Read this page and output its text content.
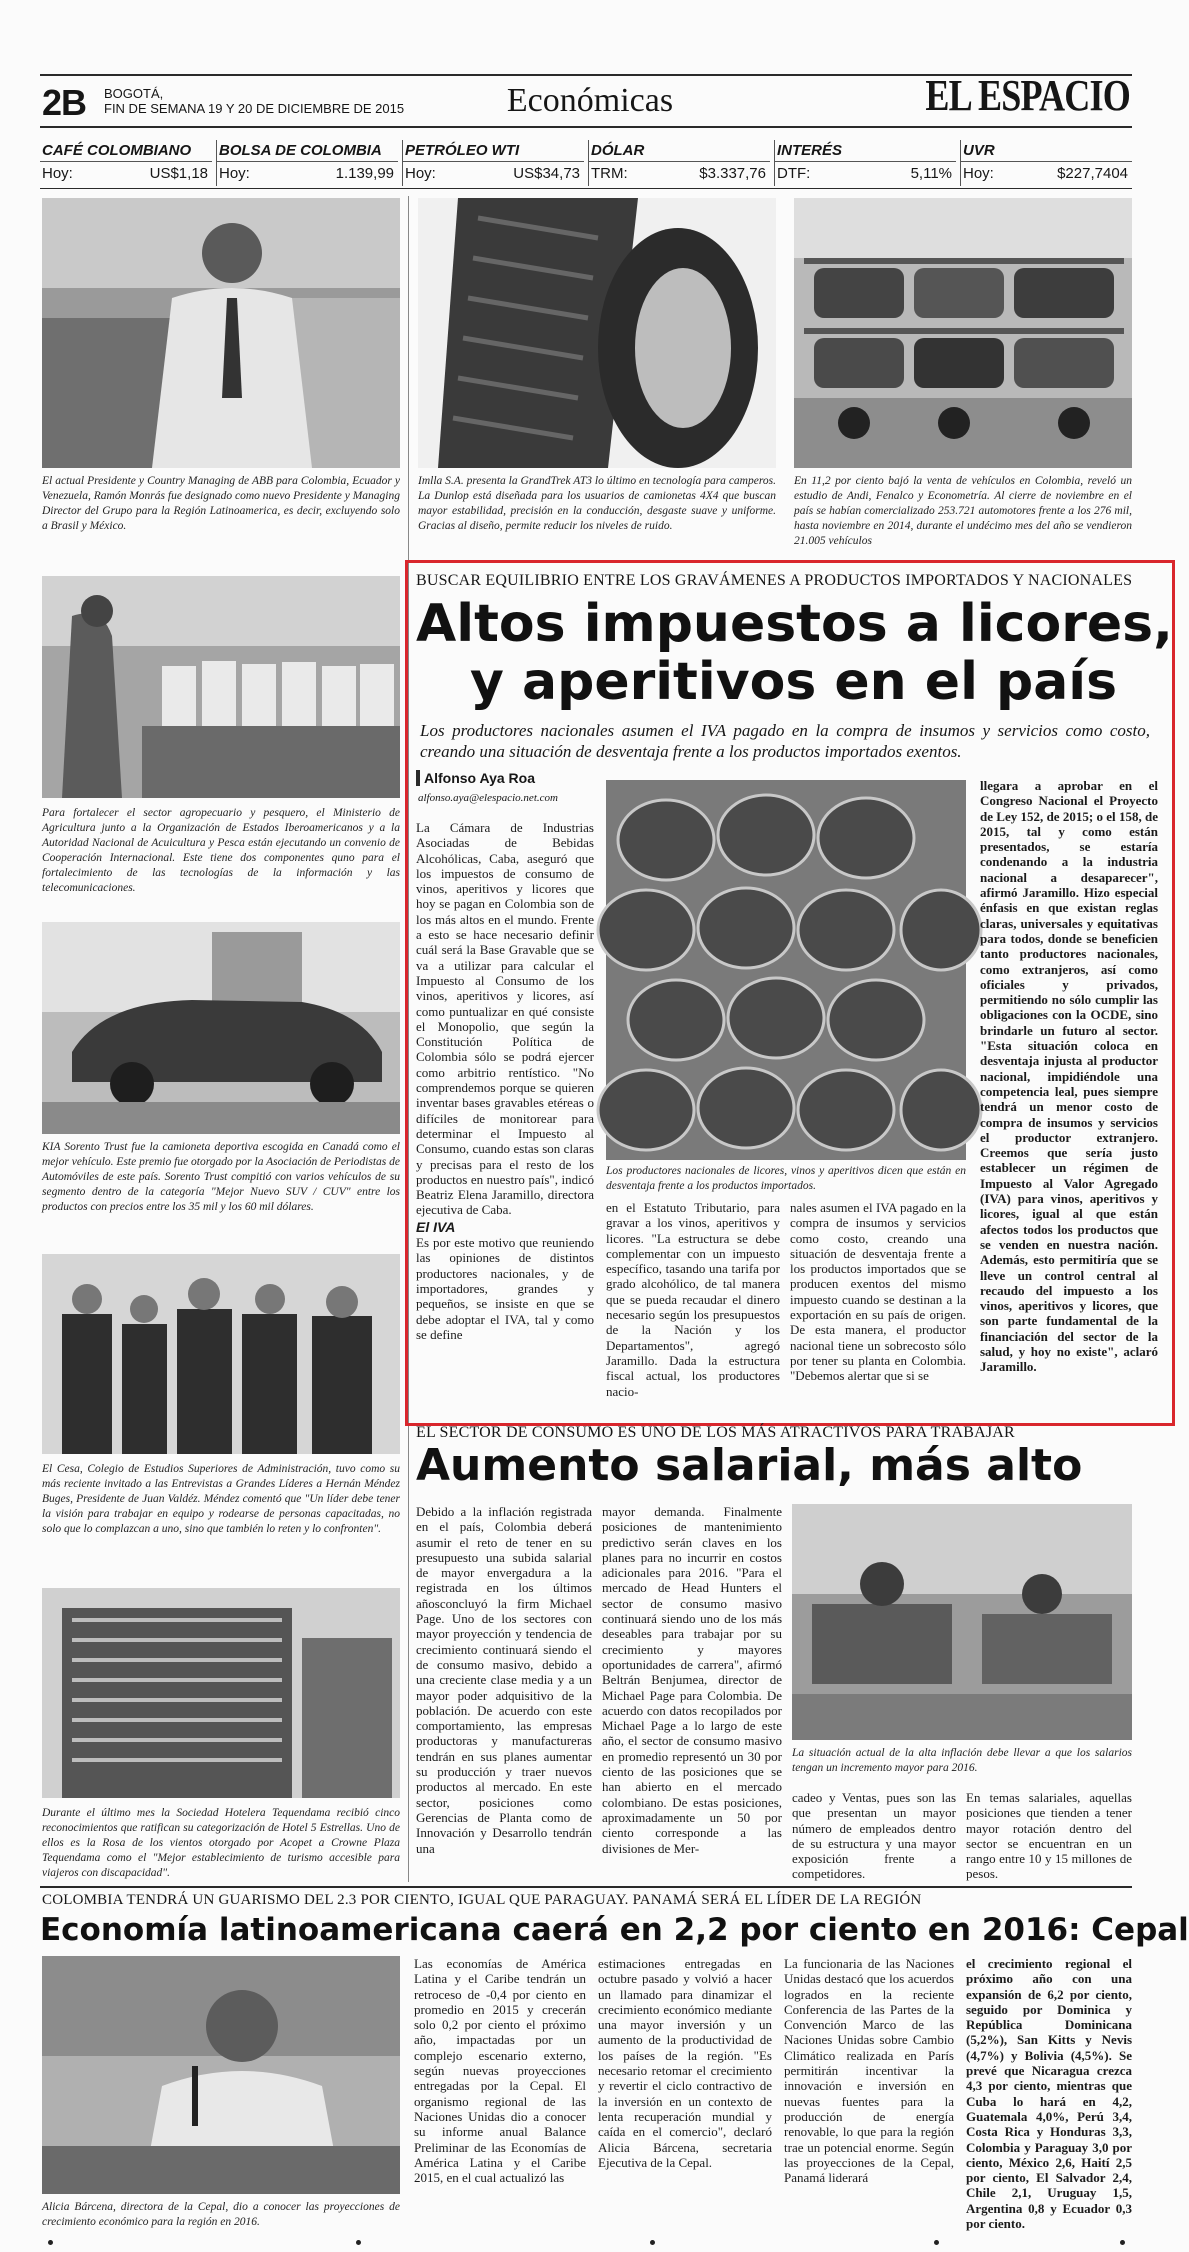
2B BOGOTÁ,
FIN DE SEMANA 19 Y 20 DE DICIEMBRE DE 2015	Económicas	EL ESPACIO
CAFÉ COLOMBIANO
Hoy:	US$1,18
BOLSA DE COLOMBIA
Hoy:	1.139,99
PETRÓLEO WTI
Hoy:	US$34,73
DÓLAR
TRM:	$3.337,76
INTERÉS
DTF:	5,11%
UVR
Hoy:	$227,7404
El actual Presidente y Country Managing de ABB para Colombia, Ecuador y Venezuela, Ramón Monrás fue designado como nuevo Presidente y Managing Director del Grupo para la Región Latinoamerica, es decir, excluyendo solo a Brasil y México.
Imlla S.A. presenta la GrandTrek AT3 lo último en tecnología para camperos. La Dunlop está diseñada para los usuarios de camionetas 4X4 que buscan mayor estabilidad, precisión en la conducción, desgaste suave y uniforme. Gracias al diseño, permite reducir los niveles de ruido.
En 11,2 por ciento bajó la venta de vehículos en Colombia, reveló un estudio de Andi, Fenalco y Econometría. Al cierre de noviembre en el país se habían comercializado 253.721 automotores frente a los 276 mil, hasta noviembre en 2014, durante el undécimo mes del año se vendieron 21.005 vehículos
Para fortalecer el sector agropecuario y pesquero, el Ministerio de Agricultura junto a la Organización de Estados Iberoamericanos y a la Autoridad Nacional de Acuicultura y Pesca están ejecutando un convenio de Cooperación Internacional. Este tiene dos componentes quno para el fortalecimiento de las tecnologías de la información y las telecomunicaciones.
KIA Sorento Trust fue la camioneta deportiva escogida en Canadá como el mejor vehículo. Este premio fue otorgado por la Asociación de Periodistas de Automóviles de este país. Sorento Trust compitió con varios vehículos de su segmento dentro de la categoría "Mejor Nuevo SUV / CUV" entre los productos con precios entre los 35 mil y los 60 mil dólares.
El Cesa, Colegio de Estudios Superiores de Administración, tuvo como su más reciente invitado a las Entrevistas a Grandes Líderes a Hernán Méndez Buges, Presidente de Juan Valdéz. Méndez comentó que "Un líder debe tener la visión para trabajar en equipo y rodearse de personas capacitadas, no solo que lo complazcan a uno, sino que también lo reten y lo confronten".
Durante el último mes la Sociedad Hotelera Tequendama recibió cinco reconocimientos que ratifican su categorización de Hotel 5 Estrellas. Uno de ellos es la Rosa de los vientos otorgado por Acopet a Crowne Plaza Tequendama como el "Mejor establecimiento de turismo accesible para viajeros con discapacidad".
BUSCAR EQUILIBRIO ENTRE LOS GRAVÁMENES A PRODUCTOS IMPORTADOS Y NACIONALES
Altos impuestos a licores,
y aperitivos en el país
Los productores nacionales asumen el IVA pagado en la compra de insumos y servicios como costo, creando una situación de desventaja frente a los productos importados exentos.
Alfonso Aya Roa
alfonso.aya@elespacio.net.com
La Cámara de Industrias Asociadas de Bebidas Alcohólicas, Caba, aseguró que los impuestos de consumo de vinos, aperitivos y licores que hoy se pagan en Colombia son de los más altos en el mundo. Frente a esto se hace necesario definir cuál será la Base Gravable que se va a utilizar para calcular el Impuesto al Consumo de los vinos, aperitivos y licores, así como puntualizar en qué consiste el Monopolio, que según la Constitución Política de Colombia sólo se podrá ejercer como arbitrio rentístico. "No comprendemos porque se quieren inventar bases gravables etéreas o difíciles de monitorear para determinar el Impuesto al Consumo, cuando estas son claras y precisas para el resto de los productos en nuestro país", indicó Beatriz Elena Jaramillo, directora ejecutiva de Caba.
El IVA
Es por este motivo que reuniendo las opiniones de distintos productores nacionales, y de importadores, grandes y pequeños, se insiste en que se debe adoptar el IVA, tal y como se define
Los productores nacionales de licores, vinos y aperitivos dicen que están en desventaja frente a los productos importados.
en el Estatuto Tributario, para gravar a los vinos, aperitivos y licores. "La estructura se debe complementar con un impuesto específico, tasando una tarifa por grado alcohólico, de tal manera que se pueda recaudar el dinero necesario según los presupuestos de la Nación y los Departamentos", agregó Jaramillo. Dada la estructura fiscal actual, los productores nacio-
nales asumen el IVA pagado en la compra de insumos y servicios como costo, creando una situación de desventaja frente a los productos importados que se producen exentos del mismo impuesto cuando se destinan a la exportación en su país de origen. De esta manera, el productor nacional tiene un sobrecosto sólo por tener su planta en Colombia. "Debemos alertar que si se
llegara a aprobar en el Congreso Nacional el Proyecto de Ley 152, de 2015; o el 158, de 2015, tal y como están presentados, se estaría condenando a la industria nacional a desaparecer", afirmó Jaramillo. Hizo especial énfasis en que existan reglas claras, universales y equitativas para todos, donde se beneficien tanto productores nacionales, como extranjeros, así como oficiales y privados, permitiendo no sólo cumplir las obligaciones con la OCDE, sino brindarle un futuro al sector. "Esta situación coloca en desventaja injusta al productor nacional, impidiéndole una competencia leal, pues siempre tendrá un menor costo de compra de insumos y servicios el productor extranjero. Creemos que sería justo establecer un régimen de Impuesto al Valor Agregado (IVA) para vinos, aperitivos y licores, igual al que están afectos todos los productos que se venden en nuestra nación. Además, esto permitiría que se lleve un control central al recaudo del impuesto a los vinos, aperitivos y licores, que son parte fundamental de la financiación del sector de la salud, y hoy no existe", aclaró Jaramillo.
EL SECTOR DE CONSUMO ES UNO DE LOS MÁS ATRACTIVOS PARA TRABAJAR
Aumento salarial, más alto
Debido a la inflación registrada en el país, Colombia deberá asumir el reto de tener en su presupuesto una subida salarial de mayor envergadura a la registrada en los últimos añosconcluyó la firm Michael Page. Uno de los sectores con mayor proyección y tendencia de crecimiento continuará siendo el de consumo masivo, debido a una creciente clase media y a un mayor poder adquisitivo de la población. De acuerdo con este comportamiento, las empresas productoras y manufactureras tendrán en sus planes aumentar su producción y traer nuevos productos al mercado. En este sector, posiciones como Gerencias de Planta como de Innovación y Desarrollo tendrán una
mayor demanda. Finalmente posiciones de mantenimiento predictivo serán claves en los planes para no incurrir en costos adicionales para 2016. "Para el mercado de Head Hunters el sector de consumo masivo continuará siendo uno de los más deseables para trabajar por su crecimiento y mayores oportunidades de carrera", afirmó Beltrán Benjumea, director de Michael Page para Colombia. De acuerdo con datos recopilados por Michael Page a lo largo de este año, el sector de consumo masivo en promedio representó un 30 por ciento de las posiciones que se han abierto en el mercado colombiano. De estas posiciones, aproximadamente un 50 por ciento corresponde a las divisiones de Mer-
La situación actual de la alta inflación debe llevar a que los salarios tengan un incremento mayor para 2016.
cadeo y Ventas, pues son las que presentan un mayor número de empleados dentro de su estructura y una mayor exposición frente a competidores.
En temas salariales, aquellas posiciones que tienden a tener mayor rotación dentro del sector se encuentran en un rango entre 10 y 15 millones de pesos.
COLOMBIA TENDRÁ UN GUARISMO DEL 2.3 POR CIENTO, IGUAL QUE PARAGUAY. PANAMÁ SERÁ EL LÍDER DE LA REGIÓN
Economía latinoamericana caerá en 2,2 por ciento en 2016: Cepal
Alicia Bárcena, directora de la Cepal, dio a conocer las proyecciones de crecimiento económico para la región en 2016.
Las economías de América Latina y el Caribe tendrán un retroceso de -0,4 por ciento en promedio en 2015 y crecerán solo 0,2 por ciento el próximo año, impactadas por un complejo escenario externo, según nuevas proyecciones entregadas por la Cepal. El organismo regional de las Naciones Unidas dio a conocer su informe anual Balance Preliminar de las Economías de América Latina y el Caribe 2015, en el cual actualizó las
estimaciones entregadas en octubre pasado y volvió a hacer un llamado para dinamizar el crecimiento económico mediante una mayor inversión y un aumento de la productividad de los países de la región. "Es necesario retomar el crecimiento y revertir el ciclo contractivo de la inversión en un contexto de lenta recuperación mundial y caída en el comercio", declaró Alicia Bárcena, secretaria Ejecutiva de la Cepal.
La funcionaria de las Naciones Unidas destacó que los acuerdos logrados en la reciente Conferencia de las Partes de la Convención Marco de las Naciones Unidas sobre Cambio Climático realizada en París permitirán incentivar la innovación e inversión en nuevas fuentes para la producción de energía renovable, lo que para la región trae un potencial enorme. Según las proyecciones de la Cepal, Panamá liderará
el crecimiento regional el próximo año con una expansión de 6,2 por ciento, seguido por Dominica y República Dominicana (5,2%), San Kitts y Nevis (4,7%) y Bolivia (4,5%). Se prevé que Nicaragua crezca 4,3 por ciento, mientras que Cuba lo hará en 4,2, Guatemala 4,0%, Perú 3,4, Costa Rica y Honduras 3,3, Colombia y Paraguay 3,0 por ciento, México 2,6, Haití 2,5 por ciento, El Salvador 2,4, Chile 2,1, Uruguay 1,5, Argentina 0,8 y Ecuador 0,3 por ciento.
